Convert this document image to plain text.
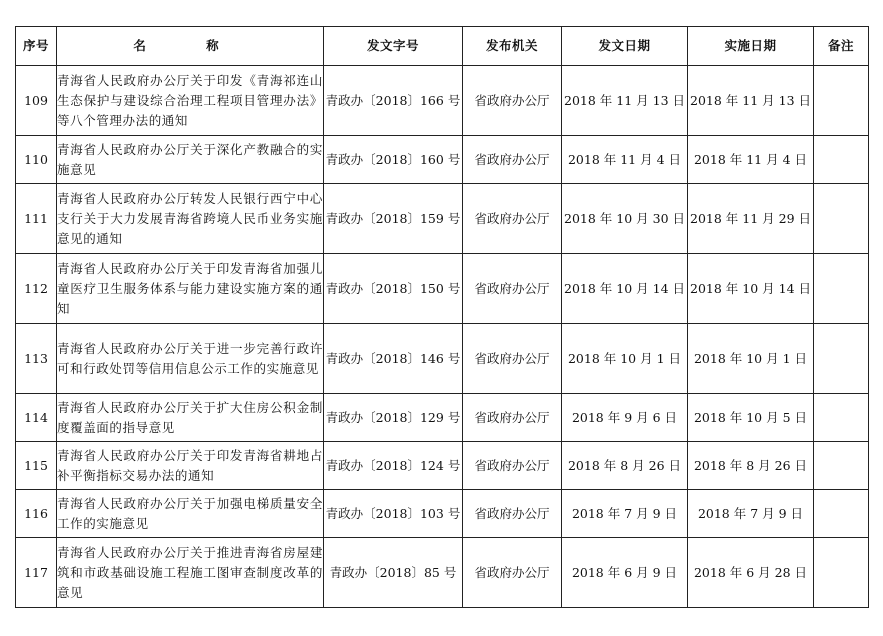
序号	名 称	发文字号	发布机关	发文日期	实施日期	备注
109	青海省人民政府办公厅关于印发《青海祁连山生态保护与建设综合治理工程项目管理办法》等八个管理办法的通知	青政办〔2018〕166 号	省政府办公厅	2018 年 11 月 13 日	2018 年 11 月 13 日	
110	青海省人民政府办公厅关于深化产教融合的实施意见	青政办〔2018〕160 号	省政府办公厅	2018 年 11 月 4 日	2018 年 11 月 4 日	
111	青海省人民政府办公厅转发人民银行西宁中心支行关于大力发展青海省跨境人民币业务实施意见的通知	青政办〔2018〕159 号	省政府办公厅	2018 年 10 月 30 日	2018 年 11 月 29 日	
112	青海省人民政府办公厅关于印发青海省加强儿童医疗卫生服务体系与能力建设实施方案的通知	青政办〔2018〕150 号	省政府办公厅	2018 年 10 月 14 日	2018 年 10 月 14 日	
113	青海省人民政府办公厅关于进一步完善行政许可和行政处罚等信用信息公示工作的实施意见	青政办〔2018〕146 号	省政府办公厅	2018 年 10 月 1 日	2018 年 10 月 1 日	
114	青海省人民政府办公厅关于扩大住房公积金制度覆盖面的指导意见	青政办〔2018〕129 号	省政府办公厅	2018 年 9 月 6 日	2018 年 10 月 5 日	
115	青海省人民政府办公厅关于印发青海省耕地占补平衡指标交易办法的通知	青政办〔2018〕124 号	省政府办公厅	2018 年 8 月 26 日	2018 年 8 月 26 日	
116	青海省人民政府办公厅关于加强电梯质量安全工作的实施意见	青政办〔2018〕103 号	省政府办公厅	2018 年 7 月 9 日	2018 年 7 月 9 日	
117	青海省人民政府办公厅关于推进青海省房屋建筑和市政基础设施工程施工图审查制度改革的意见	青政办〔2018〕85 号	省政府办公厅	2018 年 6 月 9 日	2018 年 6 月 28 日	
